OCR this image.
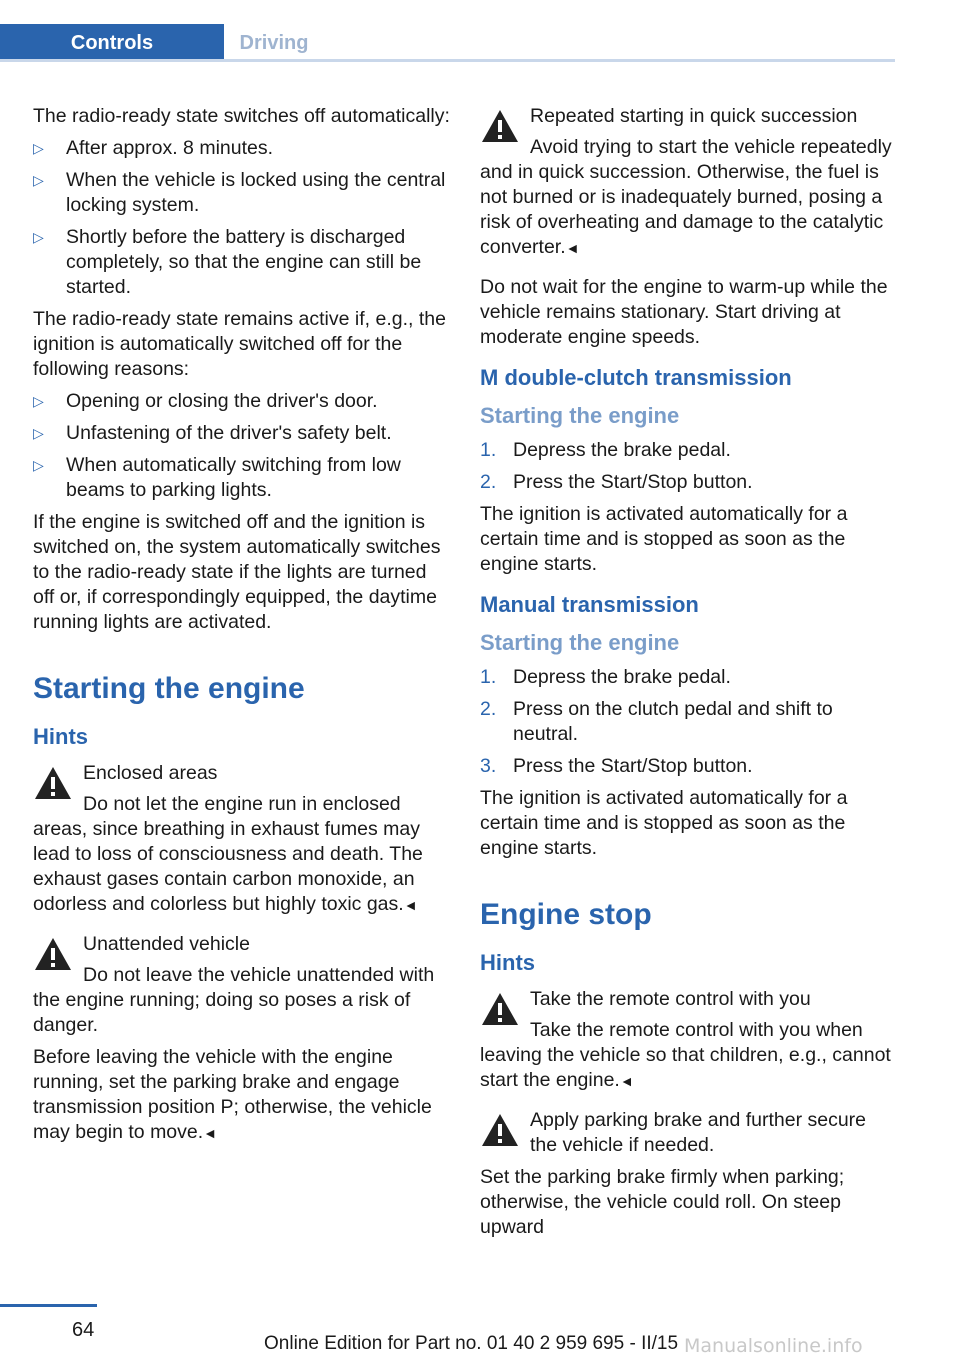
Controls	Driving

The radio-ready state switches off automatically:

▷ After approx. 8 minutes.
▷ When the vehicle is locked using the central locking system.
▷ Shortly before the battery is discharged completely, so that the engine can still be started.

The radio-ready state remains active if, e.g., the ignition is automatically switched off for the following reasons:

▷ Opening or closing the driver's door.
▷ Unfastening of the driver's safety belt.
▷ When automatically switching from low beams to parking lights.

If the engine is switched off and the ignition is switched on, the system automatically switches to the radio-ready state if the lights are turned off or, if correspondingly equipped, the daytime running lights are activated.

Starting the engine
Hints
Enclosed areas
Do not let the engine run in enclosed areas, since breathing in exhaust fumes may lead to loss of consciousness and death. The exhaust gases contain carbon monoxide, an odorless and colorless but highly toxic gas.◄
Unattended vehicle
Do not leave the vehicle unattended with the engine running; doing so poses a risk of danger.

Before leaving the vehicle with the engine running, set the parking brake and engage transmission position P; otherwise, the vehicle may begin to move.◄

Repeated starting in quick succession
Avoid trying to start the vehicle repeatedly and in quick succession. Otherwise, the fuel is not burned or is inadequately burned, posing a risk of overheating and damage to the catalytic converter.◄

Do not wait for the engine to warm-up while the vehicle remains stationary. Start driving at moderate engine speeds.

M double-clutch transmission
Starting the engine
1. Depress the brake pedal.
2. Press the Start/Stop button.

The ignition is activated automatically for a certain time and is stopped as soon as the engine starts.

Manual transmission
Starting the engine
1. Depress the brake pedal.
2. Press on the clutch pedal and shift to neutral.
3. Press the Start/Stop button.

The ignition is activated automatically for a certain time and is stopped as soon as the engine starts.

Engine stop
Hints
Take the remote control with you
Take the remote control with you when leaving the vehicle so that children, e.g., cannot start the engine.◄
Apply parking brake and further secure the vehicle if needed.

Set the parking brake firmly when parking; otherwise, the vehicle could roll. On steep upward

64
Online Edition for Part no. 01 40 2 959 695 - II/15 Manualsonline.info
